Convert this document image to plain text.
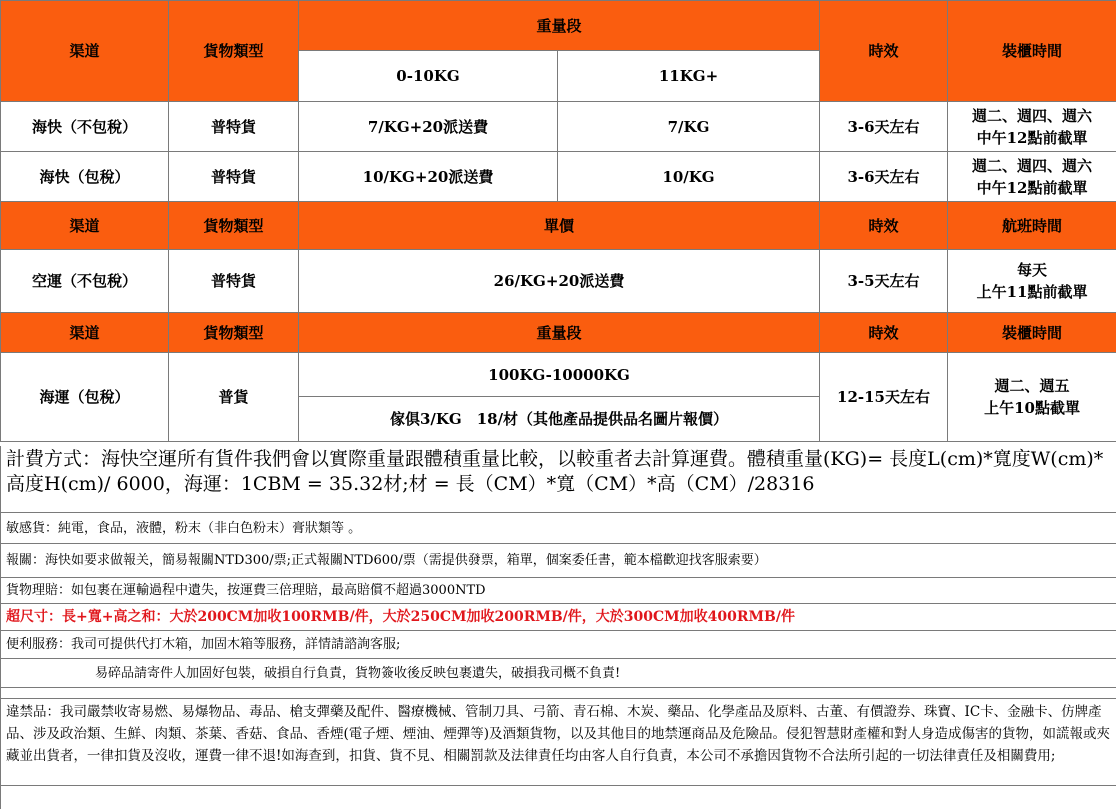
渠道	貨物類型	重量段		時效	裝櫃時間
		0-10KG	11KG+		
海快（不包稅）	普特貨	7/KG+20派送費	7/KG	3-6天左右	週二、週四、週六
中午12點前截單

海快（包稅）	普特貨	10/KG+20派送費	10/KG	3-6天左右	週二、週四、週六
中午12點前截單

渠道	貨物類型	單價		時效	航班時間
空運（不包稅）	普特貨	26/KG+20派送費		3-5天左右	每天
上午11點前截單

渠道	貨物類型	重量段		時效	裝櫃時間
海運（包稅）	普貨	100KG-10000KG		12-15天左右	週二、週五
上午10點截單

		傢俱3/KG　18/材（其他產品提供品名圖片報價）			
計費方式：海快空運所有貨件我們會以實際重量跟體積重量比較，以較重者去計算運費。體積重量(KG)= 長度L(cm)*寬度W(cm)* 高度H(cm)/ 6000，海運：1CBM = 35.32材;材 = 長（CM）*寬（CM）*高（CM）/28316
敏感貨：純電，食品，液體，粉末（非白色粉末）膏狀類等 。
報關：海快如要求做報关，簡易報關NTD300/票;正式報關NTD600/票（需提供發票，箱單，個案委任書，範本檔歡迎找客服索要）
貨物理賠：如包裹在運輸過程中遺失，按運費三倍理賠，最高賠償不超過3000NTD
超尺寸：長+寬+高之和：大於200CM加收100RMB/件，大於250CM加收200RMB/件，大於300CM加收400RMB/件
便利服務：我司可提供代打木箱，加固木箱等服務，詳情請諮詢客服;
易碎品請寄件人加固好包裝，破損自行負責，貨物簽收後反映包裹遺失，破損我司概不負責!
違禁品：我司嚴禁收寄易燃、易爆物品、毒品、槍支彈藥及配件、醫療機械、管制刀具、弓箭、青石棉、木炭、藥品、化學產品及原料、古董、有價證券、珠寶、IC卡、金融卡、仿牌產品、涉及政治類、生鮮、肉類、茶葉、香菇、食品、香煙(電子煙、煙油、煙彈等)及酒類貨物，以及其他目的地禁運商品及危險品。侵犯智慧財產權和對人身造成傷害的貨物，如謊報或夾藏並出貨者，一律扣貨及沒收，運費一律不退!如海查到，扣貨、貨不見、相關罰款及法律責任均由客人自行負責，本公司不承擔因貨物不合法所引起的一切法律責任及相關費用;
